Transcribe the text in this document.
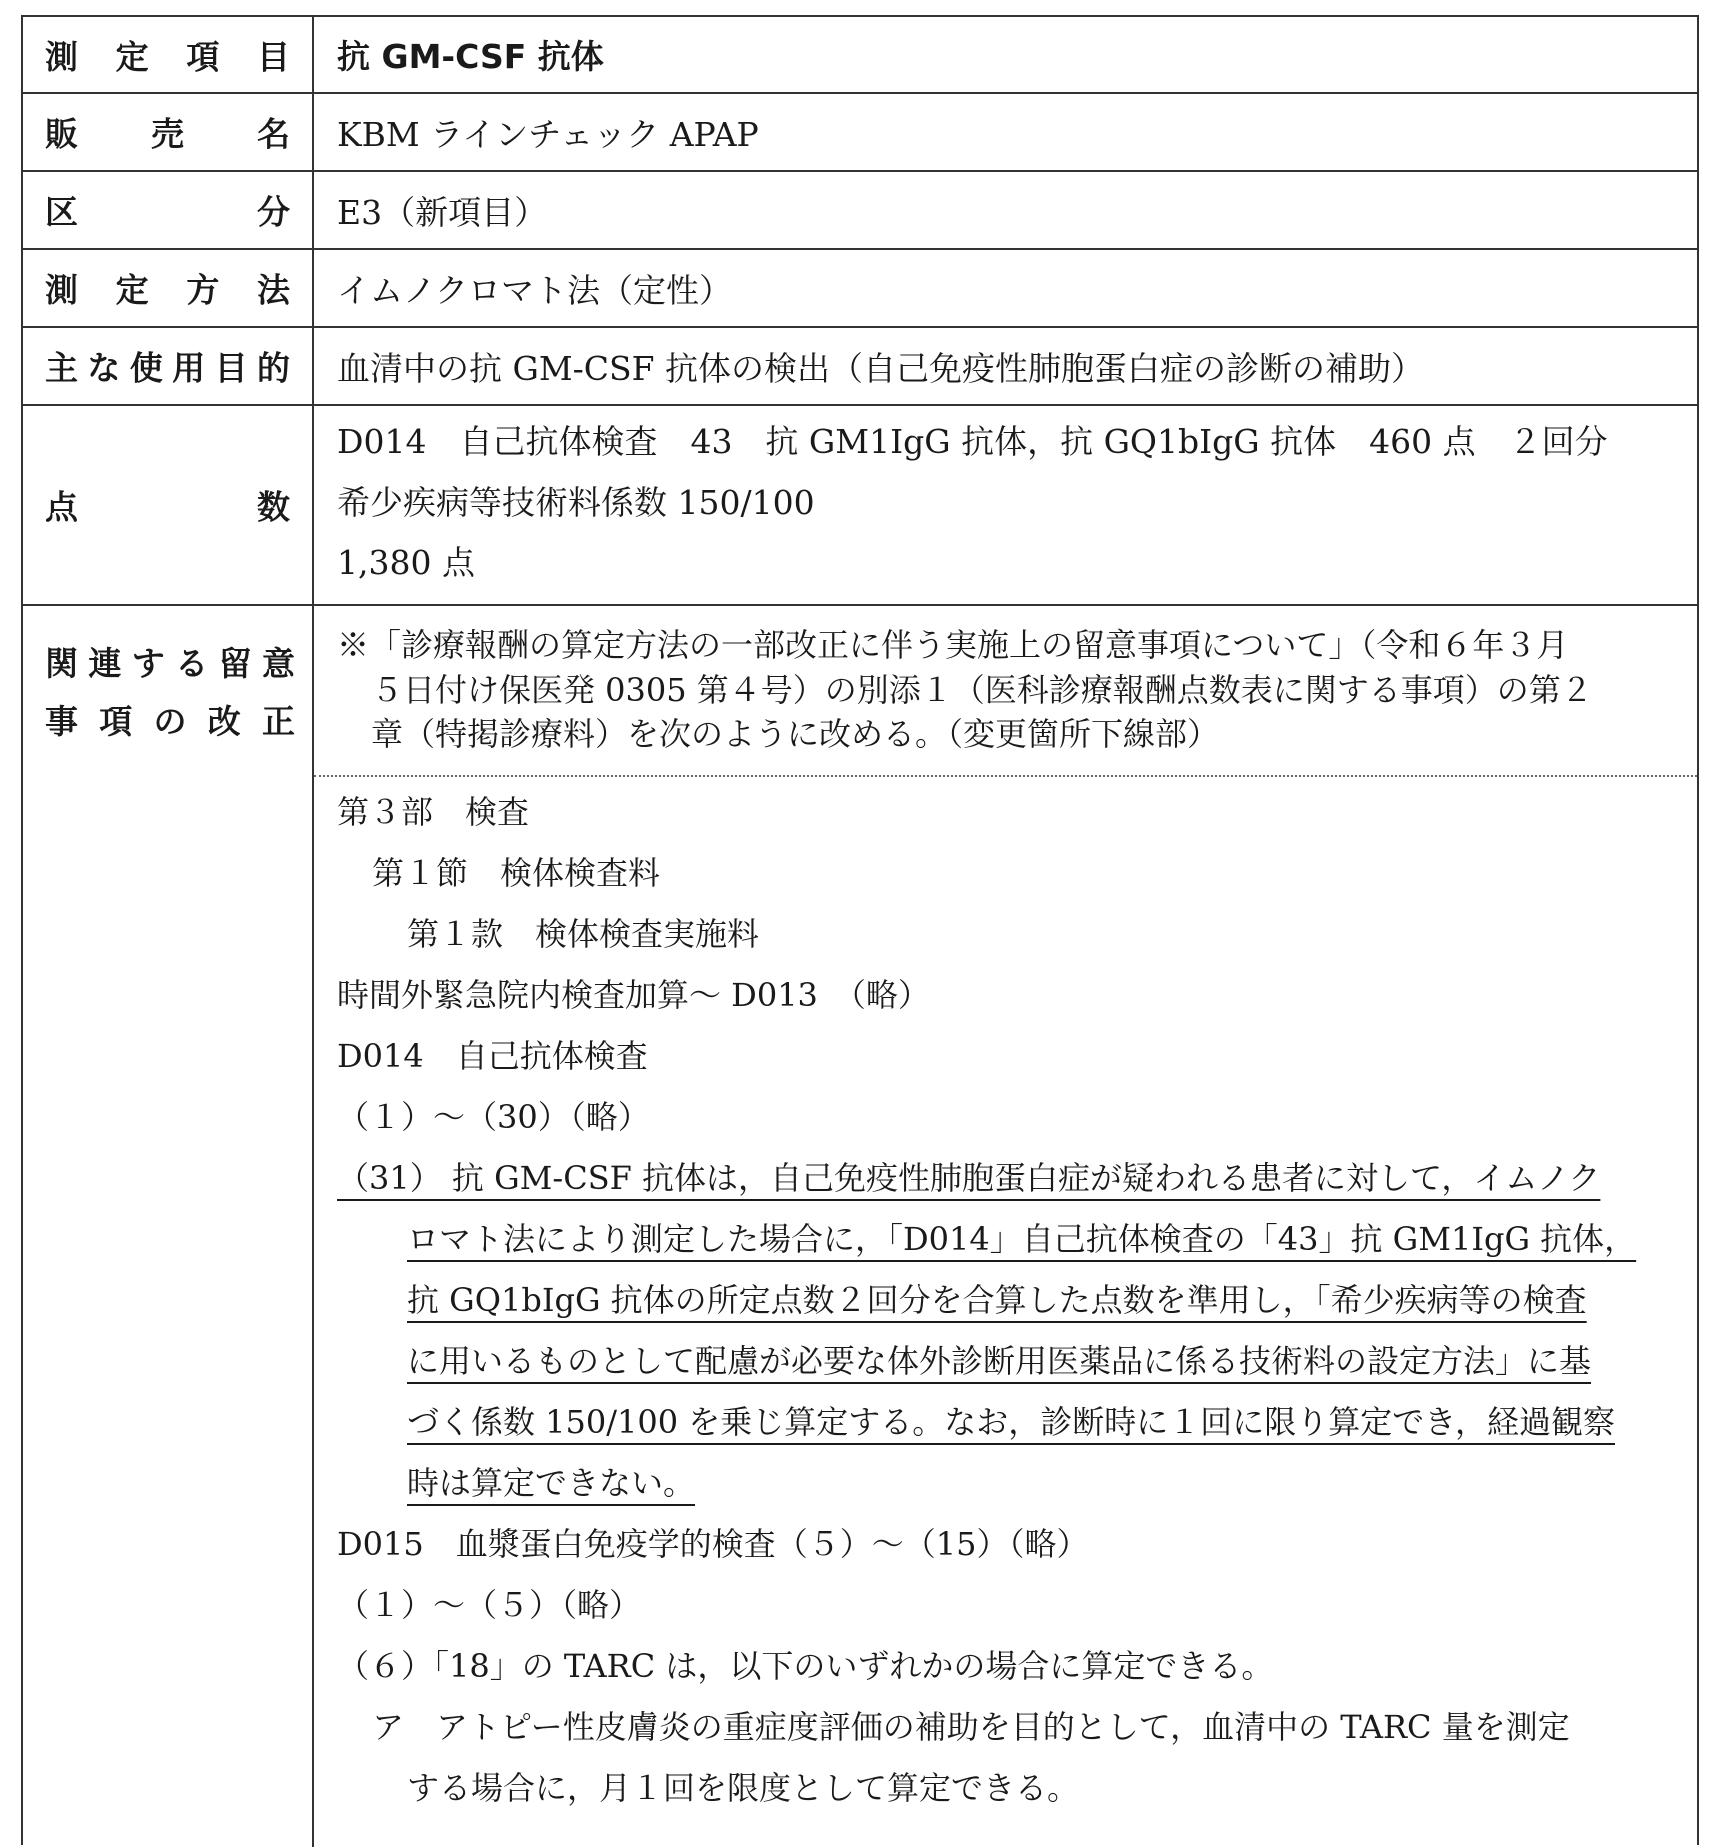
測 定 項 目 抗 GM-CSF 抗体
販 売 名 KBM ラインチェック APAP
区	分 E3（新項目）
測 定 方 法 イムノクロマト法（定性）
主 な 使 用 目 的 血清中の抗 GM-CSF 抗体の検出（自己免疫性肺胞蛋白症の診断の補助）
点	数
D014　自己抗体検査　43　抗 GM1IgG 抗体，抗 GQ1bIgG 抗体　460 点　２回分
希少疾病等技術料係数 150/100
1,380 点
関 連 す る 留 意
事 項 の 改 正
※「診療報酬の算定方法の一部改正に伴う実施上の留意事項について」（令和６年３月
５日付け保医発 0305 第４号）の別添１（医科診療報酬点数表に関する事項）の第２
章（特掲診療料）を次のように改める。（変更箇所下線部）
第３部　検査
第１節　検体検査料
第１款　検体検査実施料
時間外緊急院内検査加算～ D013　（略）
D014　自己抗体検査
（１）～（30）（略）
（31） 抗 GM-CSF 抗体は，自己免疫性肺胞蛋白症が疑われる患者に対して，イムノク
ロマト法により測定した場合に，「D014」自己抗体検査の「43」抗 GM1IgG 抗体，
抗 GQ1bIgG 抗体の所定点数２回分を合算した点数を準用し，「希少疾病等の検査
に用いるものとして配慮が必要な体外診断用医薬品に係る技術料の設定方法」に基
づく係数 150/100 を乗じ算定する。なお，診断時に１回に限り算定でき，経過観察
時は算定できない。
D015　血漿蛋白免疫学的検査（５）～（15）（略）
（１）～（５）（略）
（６）「18」の TARC は，以下のいずれかの場合に算定できる。
ア　アトピー性皮膚炎の重症度評価の補助を目的として，血清中の TARC 量を測定
する場合に，月１回を限度として算定できる。
